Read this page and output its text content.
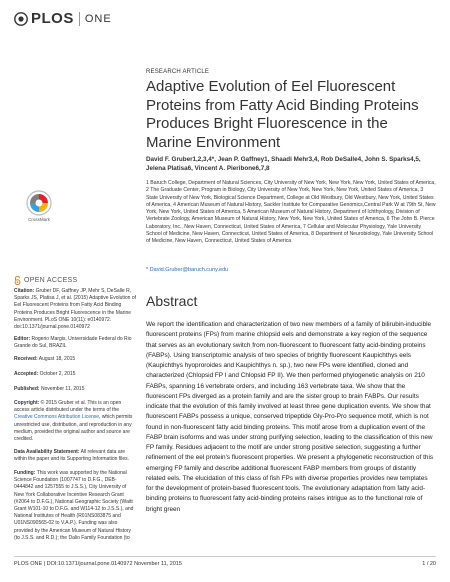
PLOS ONE
CrossMark
OPEN ACCESS
Citation: Gruber DF, Gaffney JP, Mehr S, DeSalle R, Sparks JS, Platisa J, et al. (2015) Adaptive Evolution of Eel Fluorescent Proteins from Fatty Acid Binding Proteins Produces Bright Fluorescence in the Marine Environment. PLoS ONE 10(11): e0140972. doi:10.1371/journal.pone.0140972
Editor: Rogerio Margis, Universidade Federal do Rio Grande do Sul, BRAZIL
Received: August 18, 2015
Accepted: October 2, 2015
Published: November 11, 2015
Copyright: © 2015 Gruber et al. This is an open access article distributed under the terms of the Creative Commons Attribution License, which permits unrestricted use, distribution, and reproduction in any medium, provided the original author and source are credited.
Data Availability Statement: All relevant data are within the paper and its Supporting Information files.
Funding: This work was supported by the National Science Foundation (1007747 to D.F.G., DEB-0444842 and 1257555 to J.S.S.), City University of New York Collaborative Incentive Research Grant (#2064 to D.F.G.), National Geographic Society (Waitt Grant W101-10 to D.F.G. and W114-12 to J.S.S.), and National Institutes of Health (R01NS083875 and U01NS090565-02 to V.A.P.). Funding was also provided by the American Museum of Natural History (to J.S.S. and R.D.); the Dalio Family Foundation (to
RESEARCH ARTICLE
Adaptive Evolution of Eel Fluorescent Proteins from Fatty Acid Binding Proteins Produces Bright Fluorescence in the Marine Environment
David F. Gruber1,2,3,4*, Jean P. Gaffney1, Shaadi Mehr3,4, Rob DeSalle4, John S. Sparks4,5, Jelena Platisa6, Vincent A. Pieribone6,7,8
1 Baruch College, Department of Natural Sciences, City University of New York, New York, New York, United States of America, 2 The Graduate Center, Program in Biology, City University of New York, New York, New York, United States of America, 3 State University of New York, Biological Science Department, College at Old Westbury, Old Westbury, New York, United States of America, 4 American Museum of Natural History, Sackler Institute for Comparative Genomics,Central Park W at 79th St, New York, New York, United States of America, 5 American Museum of Natural History, Department of Ichthyology, Division of Vertebrate Zoology, American Museum of Natural History, New York, New York, United States of America, 6 The John B. Pierce Laboratory, Inc., New Haven, Connecticut, United States of America, 7 Cellular and Molecular Physiology, Yale University School of Medicine, New Haven, Connecticut, United States of America, 8 Department of Neurobiology, Yale University School of Medicine, New Haven, Connecticut, United States of America
* David.Gruber@baruch.cuny.edu
Abstract

We report the identification and characterization of two new members of a family of bilirubin-inducible fluorescent proteins (FPs) from marine chlopsid eels and demonstrate a key region of the sequence that serves as an evolutionary switch from non-fluorescent to fluorescent fatty acid-binding proteins (FABPs). Using transcriptomic analysis of two species of brightly fluorescent Kaupichthys eels (Kaupichthys hyoproroides and Kaupichthys n. sp.), two new FPs were identified, cloned and characterized (Chlopsid FP I and Chlopsid FP II). We then performed phylogenetic analysis on 210 FABPs, spanning 16 vertebrate orders, and including 163 vertebrate taxa. We show that the fluorescent FPs diverged as a protein family and are the sister group to brain FABPs. Our results indicate that the evolution of this family involved at least three gene duplication events. We show that fluorescent FABPs possess a unique, conserved tripeptide Gly-Pro-Pro sequence motif, which is not found in non-fluorescent fatty acid binding proteins. This motif arose from a duplication event of the FABP brain isoforms and was under strong purifying selection, leading to the classification of this new FP family. Residues adjacent to the motif are under strong positive selection, suggesting a further refinement of the eel protein's fluorescent properties. We present a phylogenetic reconstruction of this emerging FP family and describe additional fluorescent FABP members from groups of distantly related eels. The elucidation of this class of fish FPs with diverse properties provides new templates for the development of protein-based fluorescent tools. The evolutionary adaptation from fatty acid-binding proteins to fluorescent fatty acid-binding proteins raises intrigue as to the functional role of bright green

PLOS ONE | DOI:10.1371/journal.pone.0140972 November 11, 2015	1 / 20
